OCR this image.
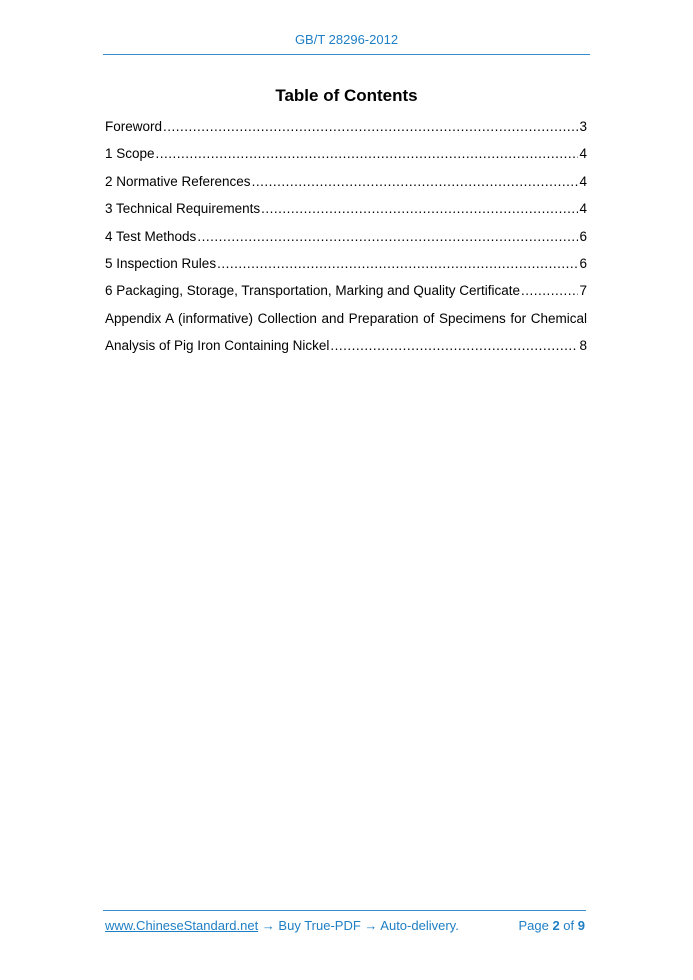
GB/T 28296-2012
Table of Contents
Foreword .....	3
1 Scope .....	4
2 Normative References .....	4
3 Technical Requirements .....	4
4 Test Methods .....	6
5 Inspection Rules .....	6
6 Packaging, Storage, Transportation, Marking and Quality Certificate .....	7
Appendix A (informative) Collection and Preparation of Specimens for Chemical
Analysis of Pig Iron Containing Nickel .....	8
www.ChineseStandard.net → Buy True-PDF → Auto-delivery.	Page 2 of 9
